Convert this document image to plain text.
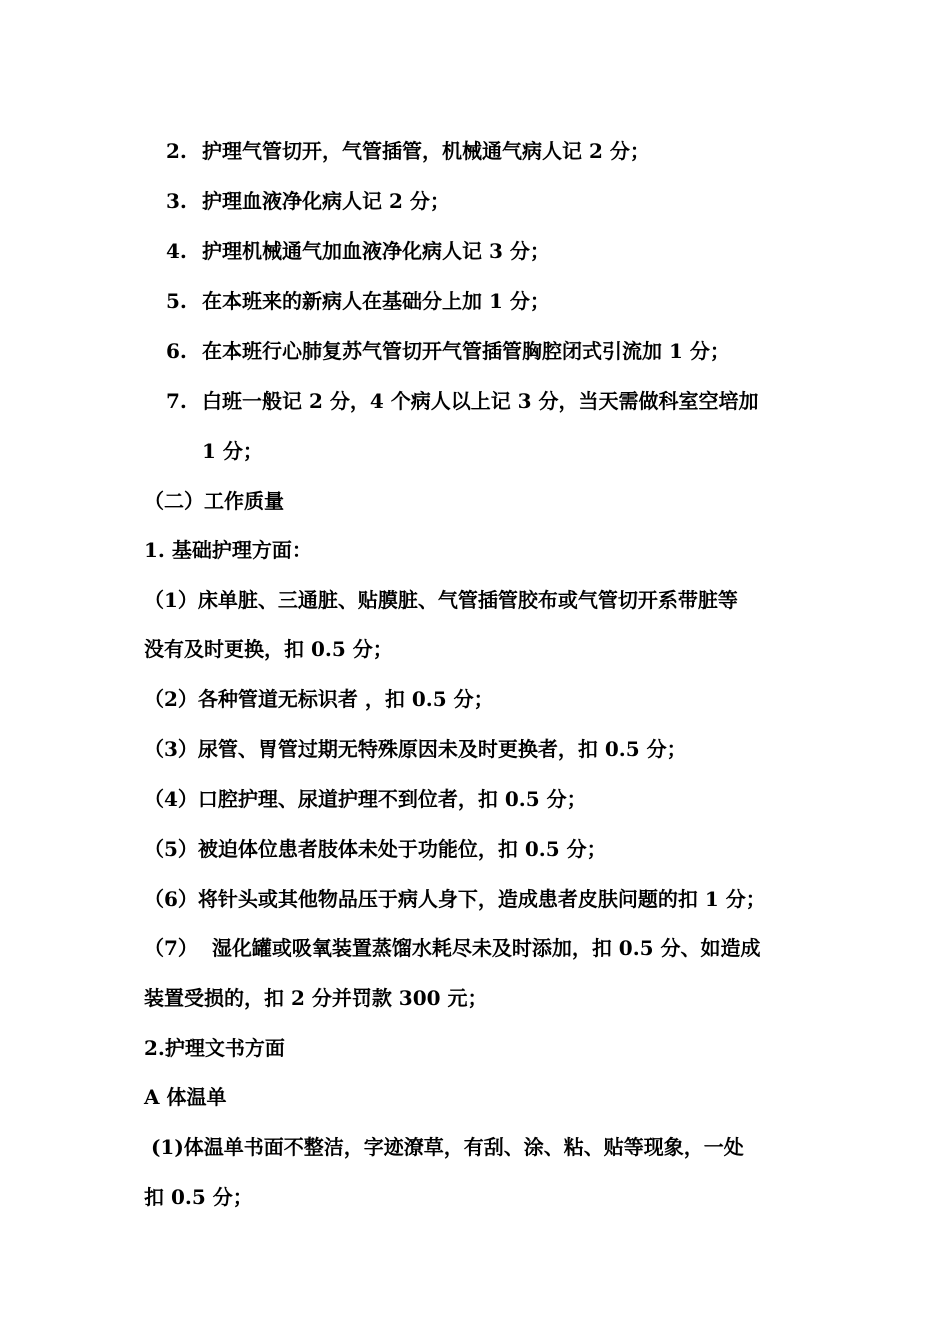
2. 护理气管切开，气管插管，机械通气病人记 2 分；
3. 护理血液净化病人记 2 分；
4. 护理机械通气加血液净化病人记 3 分；
5. 在本班来的新病人在基础分上加 1 分；
6. 在本班行心肺复苏气管切开气管插管胸腔闭式引流加 1 分；
7. 白班一般记 2 分，4 个病人以上记 3 分，当天需做科室空培加
1 分；
（二）工作质量
1. 基础护理方面：
（1）床单脏、三通脏、贴膜脏、气管插管胶布或气管切开系带脏等
没有及时更换，扣 0.5 分；
（2）各种管道无标识者 ，扣 0.5 分；
（3）尿管、胃管过期无特殊原因未及时更换者，扣 0.5 分；
（4）口腔护理、尿道护理不到位者，扣 0.5 分；
（5）被迫体位患者肢体未处于功能位，扣 0.5 分；
（6）将针头或其他物品压于病人身下，造成患者皮肤问题的扣 1 分；
（7）  湿化罐或吸氧装置蒸馏水耗尽未及时添加，扣 0.5 分、如造成
装置受损的，扣 2 分并罚款 300 元；
2.护理文书方面
A 体温单
(1)体温单书面不整洁，字迹潦草，有刮、涂、粘、贴等现象，一处
扣 0.5 分；
